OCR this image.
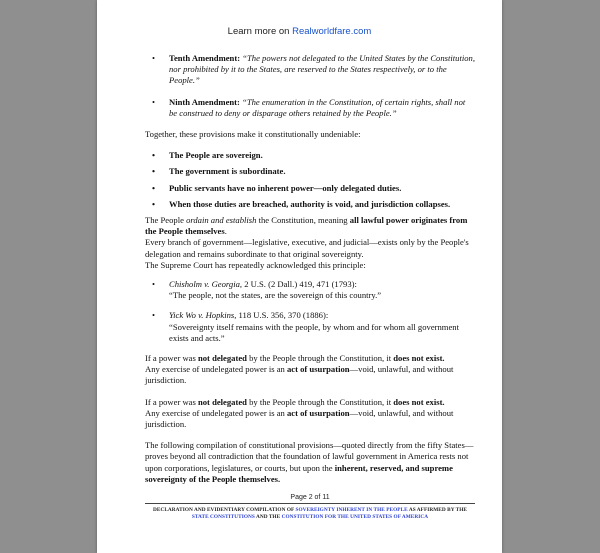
Learn more on Realworldfare.com
• Tenth Amendment: “The powers not delegated to the United States by the Constitution, nor prohibited by it to the States, are reserved to the States respectively, or to the People.”
• Ninth Amendment: “The enumeration in the Constitution, of certain rights, shall not be construed to deny or disparage others retained by the People.”

Together, these provisions make it constitutionally undeniable:

• The People are sovereign.
• The government is subordinate.
• Public servants have no inherent power—only delegated duties.
• When those duties are breached, authority is void, and jurisdiction collapses.

The People ordain and establish the Constitution, meaning all lawful power originates from the People themselves.

Every branch of government—legislative, executive, and judicial—exists only by the People's delegation and remains subordinate to that original sovereignty.

The Supreme Court has repeatedly acknowledged this principle:

• Chisholm v. Georgia, 2 U.S. (2 Dall.) 419, 471 (1793):
“The people, not the states, are the sovereign of this country.”
• Yick Wo v. Hopkins, 118 U.S. 356, 370 (1886):
“Sovereignty itself remains with the people, by whom and for whom all government exists and acts.”

If a power was not delegated by the People through the Constitution, it does not exist.

Any exercise of undelegated power is an act of usurpation—void, unlawful, and without jurisdiction.

If a power was not delegated by the People through the Constitution, it does not exist.

Any exercise of undelegated power is an act of usurpation—void, unlawful, and without jurisdiction.

The following compilation of constitutional provisions—quoted directly from the fifty States—proves beyond all contradiction that the foundation of lawful government in America rests not upon corporations, legislatures, or courts, but upon the inherent, reserved, and supreme sovereignty of the People themselves.

Page 2 of 11
DECLARATION AND EVIDENTIARY COMPILATION OF SOVEREIGNTY INHERENT IN THE PEOPLE AS AFFIRMED BY THE
STATE CONSTITUTIONS AND THE CONSTITUTION FOR THE UNITED STATES OF AMERICA
